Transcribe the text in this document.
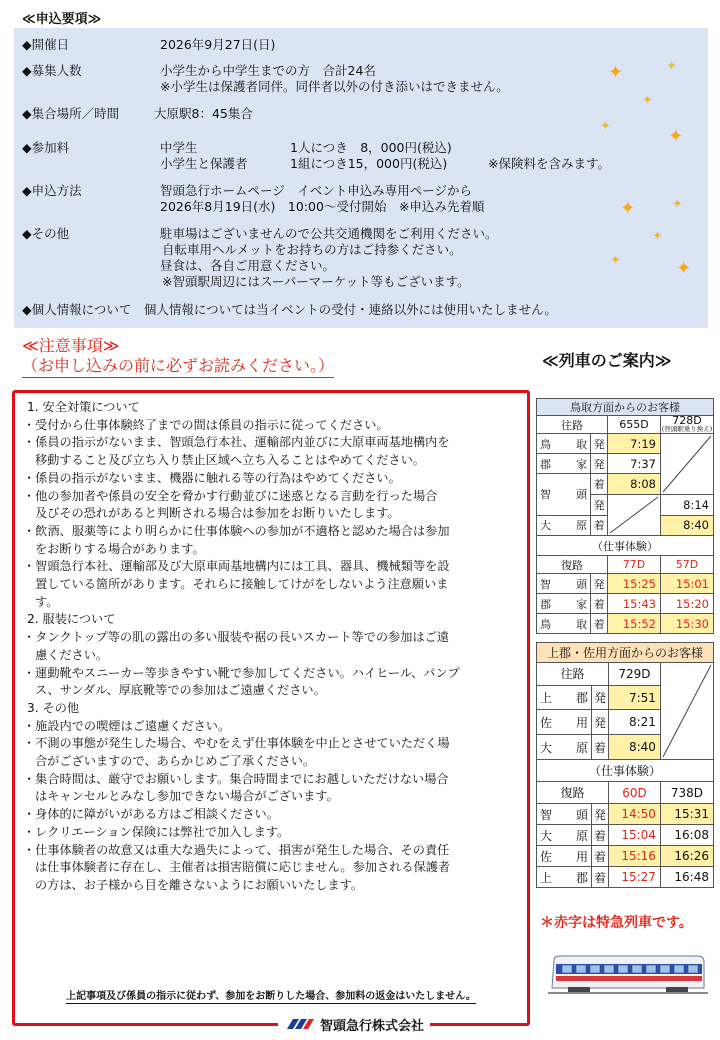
≪申込要項≫
◆開催日	2026年9月27日(日)
◆募集人数	小学生から中学生までの方　合計24名
※小学生は保護者同伴。同伴者以外の付き添いはできません。
◆集合場所／時間	大原駅8：45集合
◆参加料	中学生	1人につき　8，000円(税込)
小学生と保護者	1組につき15，000円(税込)	※保険料を含みます。
◆申込方法	智頭急行ホームページ　イベント申込み専用ページから
2026年8月19日(水)　10:00～受付開始　※申込み先着順
◆その他	駐車場はございませんので公共交通機関をご利用ください。
自転車用ヘルメットをお持ちの方はご持参ください。
昼食は、各自ご用意ください。
※智頭駅周辺にはスーパーマーケット等もございます。
◆個人情報について　個人情報については当イベントの受付・連絡以外には使用いたしません。
✦	✦
✦
✦	✦
✦	✦
✦
✦	✦
≪注意事項≫
（お申し込みの前に必ずお読みください。）	≪列車のご案内≫
1. 安全対策について
・受付から仕事体験終了までの間は係員の指示に従ってください。
・係員の指示がないまま、智頭急行本社、運輸部内並びに大原車両基地構内を
移動すること及び立ち入り禁止区域へ立ち入ることはやめてください。
・係員の指示がないまま、機器に触れる等の行為はやめてください。
・他の参加者や係員の安全を脅かす行動並びに迷惑となる言動を行った場合
及びその恐れがあると判断される場合は参加をお断りいたします。
・飲酒、服薬等により明らかに仕事体験への参加が不適格と認めた場合は参加
をお断りする場合があります。
・智頭急行本社、運輸部及び大原車両基地構内には工具、器具、機械類等を設
置している箇所があります。それらに接触してけがをしないよう注意願いま
す。
2. 服装について
・タンクトップ等の肌の露出の多い服装や裾の長いスカート等での参加はご遠
慮ください。
・運動靴やスニーカー等歩きやすい靴で参加してください。ハイヒール、パンプ
ス、サンダル、厚底靴等での参加はご遠慮ください。
3. その他
・施設内での喫煙はご遠慮ください。
・不測の事態が発生した場合、やむをえず仕事体験を中止とさせていただく場
合がございますので、あらかじめご了承ください。
・集合時間は、厳守でお願いします。集合時間までにお越しいただけない場合
はキャンセルとみなし参加できない場合がございます。
・身体的に障がいがある方はご相談ください。
・レクリエーション保険には弊社で加入します。
・仕事体験者の故意又は重大な過失によって、損害が発生した場合、その責任
は仕事体験者に存在し、主催者は損害賠償に応じません。参加される保護者
の方は、お子様から目を離さないようにお願いいたします。
上記事項及び係員の指示に従わず、参加をお断りした場合、参加料の返金はいたしません。
智頭急行株式会社
鳥取方面からのお客様			
往路		655D	728D
(智頭駅乗り換え)

鳥取	発	7:19	

郡家	発	7:37	
智頭	着	8:08	
	発		8:14
大原	着		8:40
（仕事体験）			
復路		77D	57D
智頭	発	15:25	15:01
郡家	着	15:43	15:20
鳥取	着	15:52	15:30
上郡・佐用方面からのお客様			
往路		729D	

上郡	発	7:51	
佐用	発	8:21	
大原	着	8:40	
（仕事体験）			
復路		60D	738D
智頭	発	14:50	15:31
大原	着	15:04	16:08
佐用	着	15:16	16:26
上郡	着	15:27	16:48
＊赤字は特急列車です。
